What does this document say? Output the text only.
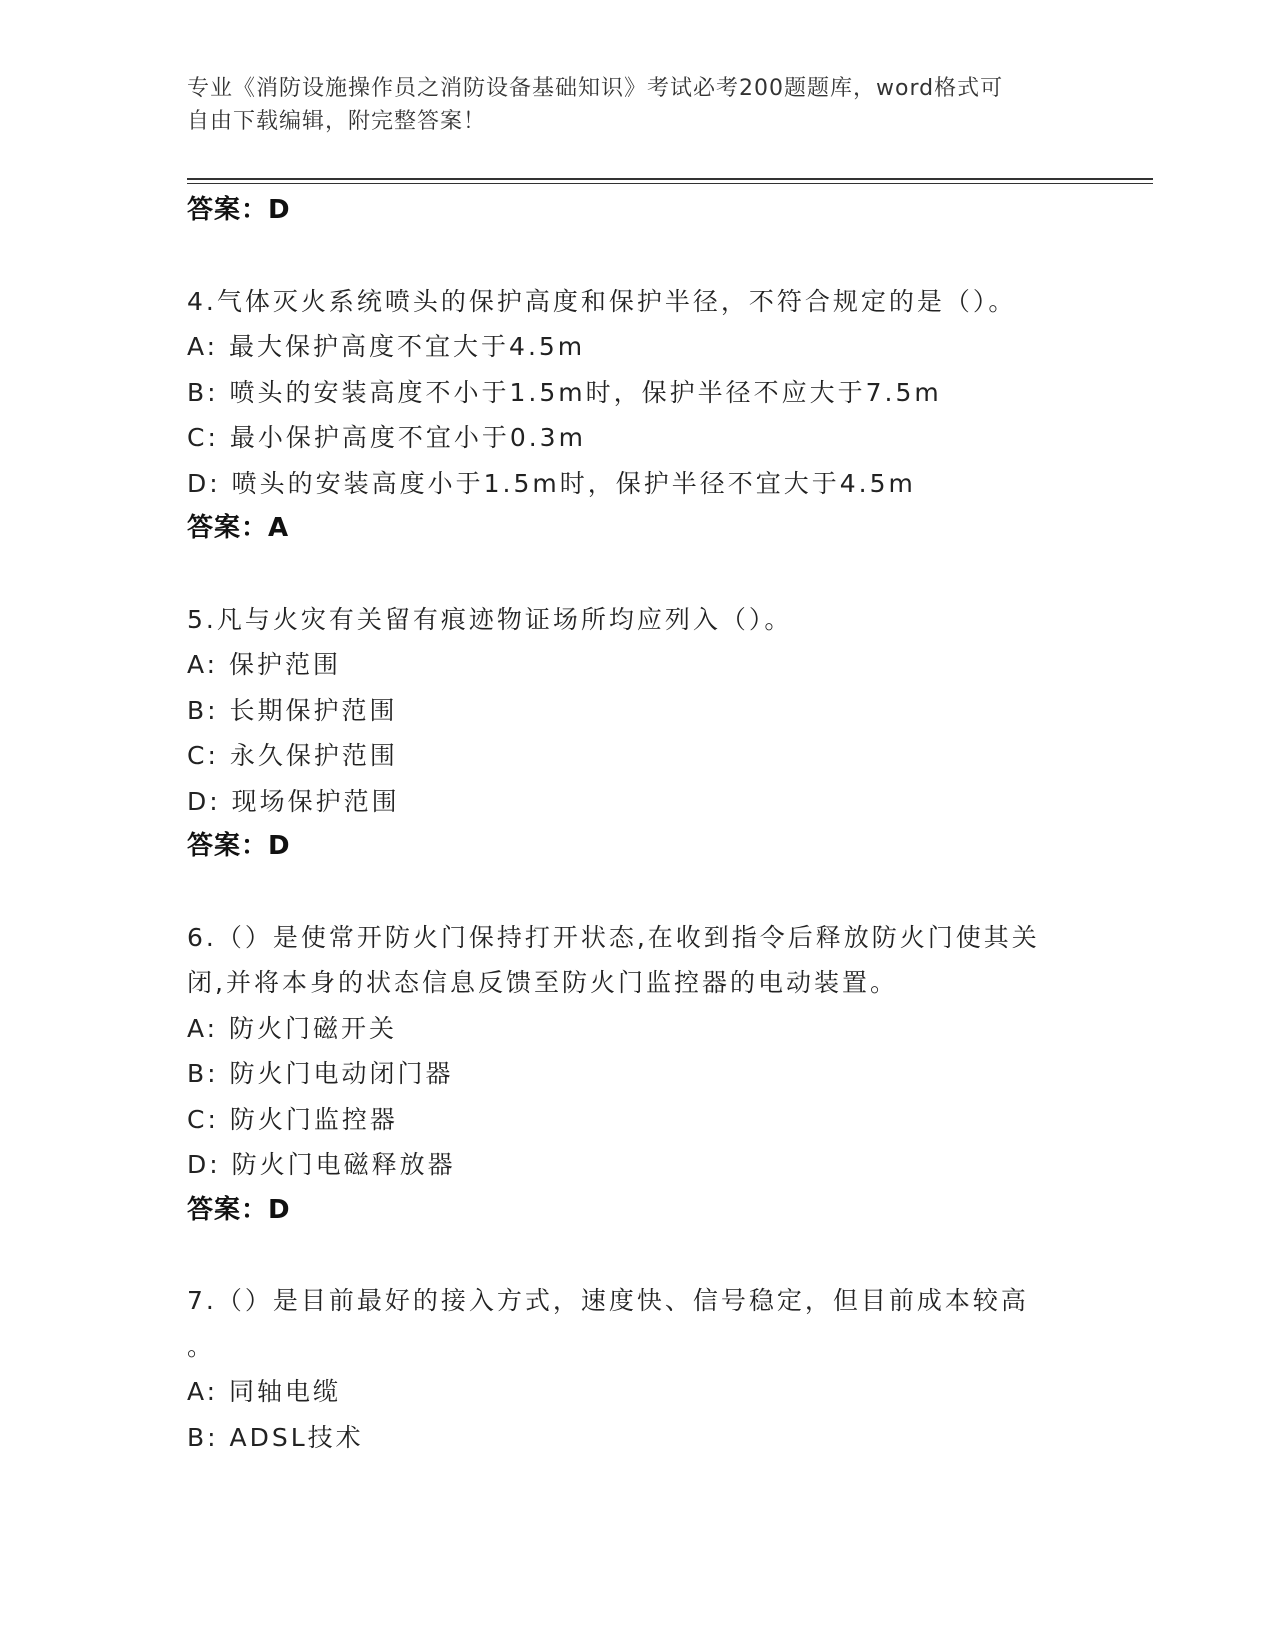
专业《消防设施操作员之消防设备基础知识》考试必考200题题库，word格式可
自由下载编辑，附完整答案！
答案：D
4.气体灭火系统喷头的保护高度和保护半径，不符合规定的是（）。
A: 最大保护高度不宜大于4.5m
B: 喷头的安装高度不小于1.5m时，保护半径不应大于7.5m
C: 最小保护高度不宜小于0.3m
D: 喷头的安装高度小于1.5m时，保护半径不宜大于4.5m
答案：A
5.凡与火灾有关留有痕迹物证场所均应列入（）。
A: 保护范围
B: 长期保护范围
C: 永久保护范围
D: 现场保护范围
答案：D
6.（）是使常开防火门保持打开状态,在收到指令后释放防火门使其关
闭,并将本身的状态信息反馈至防火门监控器的电动装置。
A: 防火门磁开关
B: 防火门电动闭门器
C: 防火门监控器
D: 防火门电磁释放器
答案：D
7.（）是目前最好的接入方式，速度快、信号稳定，但目前成本较高
。
A: 同轴电缆
B: ADSL技术
